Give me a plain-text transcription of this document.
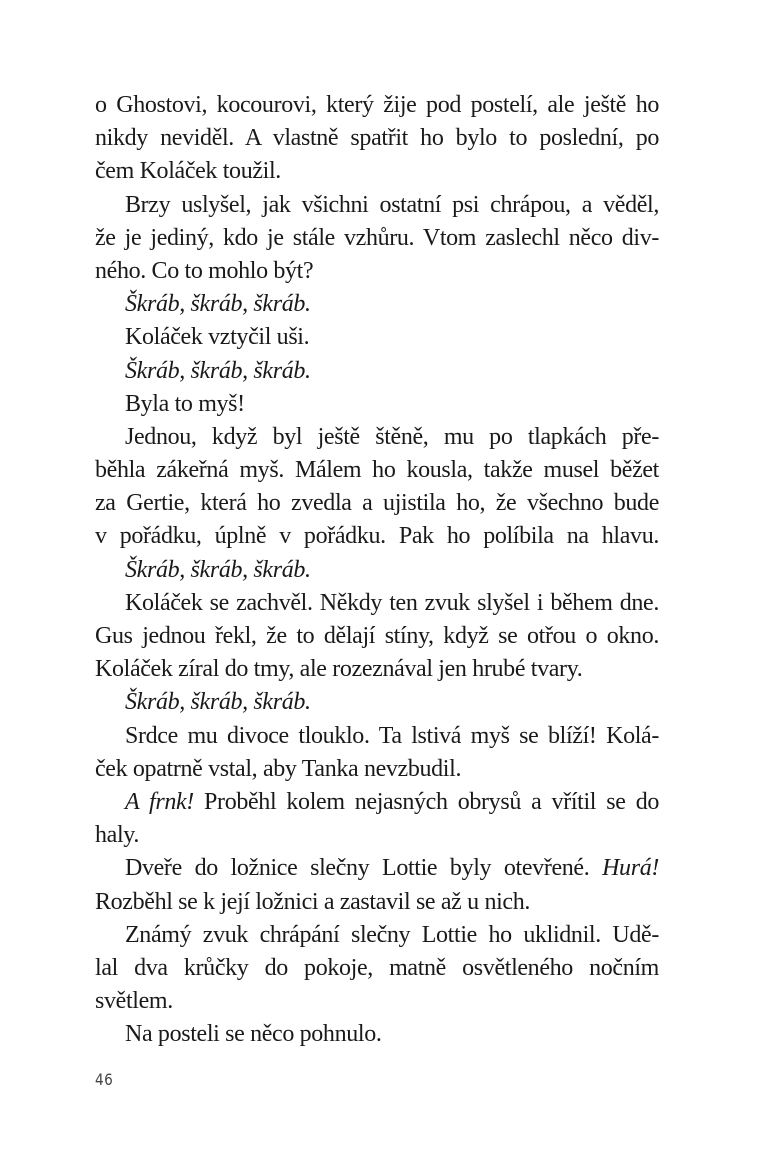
o Ghostovi, kocourovi, který žije pod postelí, ale ještě ho
nikdy neviděl. A vlastně spatřit ho bylo to poslední, po
čem Koláček toužil.
Brzy uslyšel, jak všichni ostatní psi chrápou, a věděl,
že je jediný, kdo je stále vzhůru. Vtom zaslechl něco div-
ného. Co to mohlo být?
Škráb, škráb, škráb.
Koláček vztyčil uši.
Škráb, škráb, škráb.
Byla to myš!
Jednou, když byl ještě štěně, mu po tlapkách pře-
běhla zákeřná myš. Málem ho kousla, takže musel běžet
za Gertie, která ho zvedla a ujistila ho, že všechno bude
v pořádku, úplně v pořádku. Pak ho políbila na hlavu.
Škráb, škráb, škráb.
Koláček se zachvěl. Někdy ten zvuk slyšel i během dne.
Gus jednou řekl, že to dělají stíny, když se otřou o okno.
Koláček zíral do tmy, ale rozeznával jen hrubé tvary.
Škráb, škráb, škráb.
Srdce mu divoce tlouklo. Ta lstivá myš se blíží! Kolá-
ček opatrně vstal, aby Tanka nevzbudil.
A frnk! Proběhl kolem nejasných obrysů a vřítil se do
haly.
Dveře do ložnice slečny Lottie byly otevřené. Hurá!
Rozběhl se k její ložnici a zastavil se až u nich.
Známý zvuk chrápání slečny Lottie ho uklidnil. Udě-
lal dva krůčky do pokoje, matně osvětleného nočním
světlem.
Na posteli se něco pohnulo.
46
